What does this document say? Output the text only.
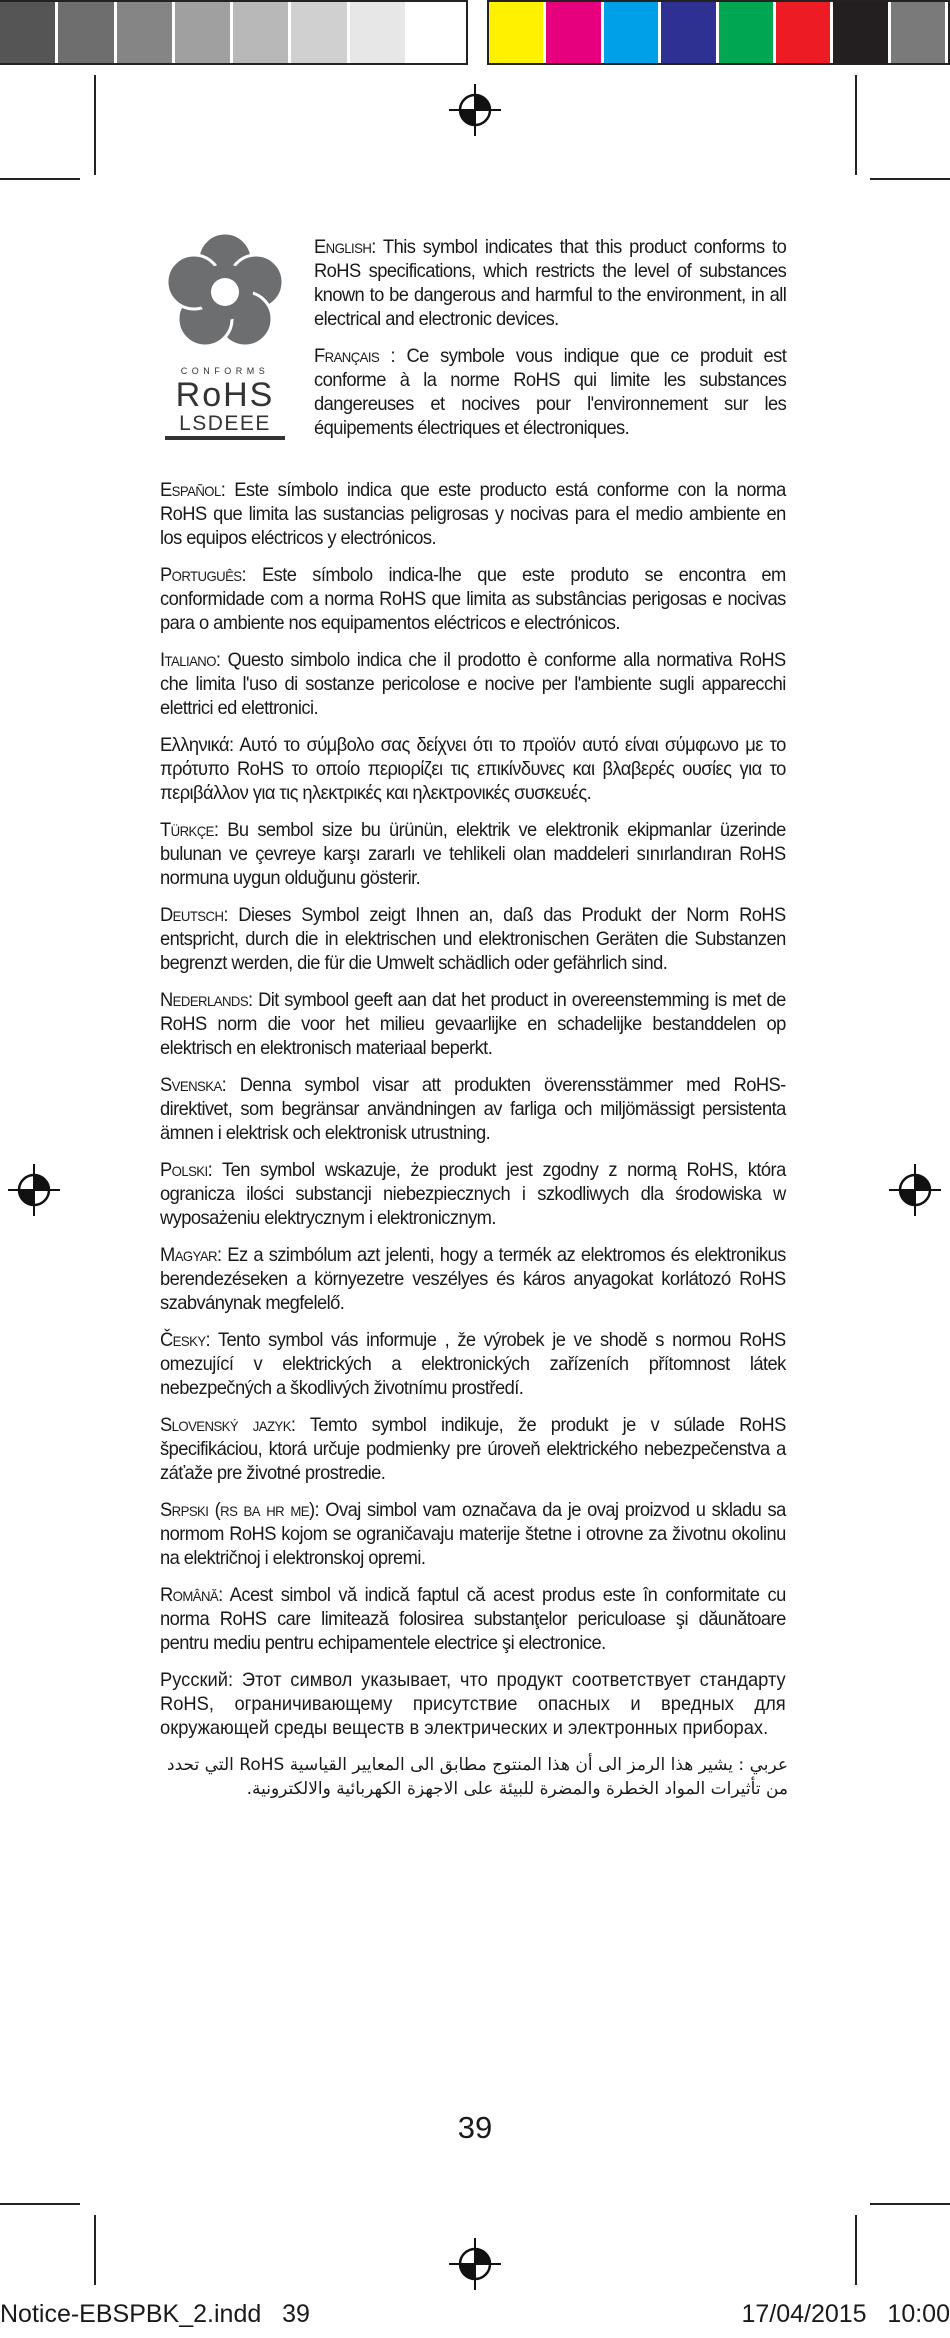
CONFORMS
RoHS
LSDEEE

English: This symbol indicates that this product conforms to RoHS specifications, which restricts the level of substances known to be dangerous and harmful to the environment, in all electrical and electronic devices.

Français : Ce symbole vous indique que ce produit est conforme à la norme RoHS qui limite les substances dangereuses et nocives pour l'environnement sur les équipements électriques et électroniques.

Español: Este símbolo indica que este producto está conforme con la norma RoHS que limita las sustancias peligrosas y nocivas para el medio ambiente en los equipos eléctricos y electrónicos.

Português: Este símbolo indica-lhe que este produto se encontra em conformidade com a norma RoHS que limita as substâncias perigosas e nocivas para o ambiente nos equipamentos eléctricos e electrónicos.

Italiano: Questo simbolo indica che il prodotto è conforme alla normativa RoHS che limita l'uso di sostanze pericolose e nocive per l'ambiente sugli apparecchi elettrici ed elettronici.

Ελληνικά: Αυτό το σύμβολο σας δείχνει ότι το προϊόν αυτό είναι σύμφωνο με το πρότυπο RoHS το οποίο περιορίζει τις επικίνδυνες και βλαβερές ουσίες για το περιβάλλον για τις ηλεκτρικές και ηλεκτρονικές συσκευές.

Türkçe: Bu sembol size bu ürünün, elektrik ve elektronik ekipmanlar üzerinde bulunan ve çevreye karşı zararlı ve tehlikeli olan maddeleri sınırlandıran RoHS normuna uygun olduğunu gösterir.

Deutsch: Dieses Symbol zeigt Ihnen an, daß das Produkt der Norm RoHS entspricht, durch die in elektrischen und elektronischen Geräten die Substanzen begrenzt werden, die für die Umwelt schädlich oder gefährlich sind.

Nederlands: Dit symbool geeft aan dat het product in overeenstemming is met de RoHS norm die voor het milieu gevaarlijke en schadelijke bestanddelen op elektrisch en elektronisch materiaal beperkt.

Svenska: Denna symbol visar att produkten överensstämmer med RoHS-direktivet, som begränsar användningen av farliga och miljömässigt persistenta ämnen i elektrisk och elektronisk utrustning.

Polski: Ten symbol wskazuje, że produkt jest zgodny z normą RoHS, która ogranicza ilości substancji niebezpiecznych i szkodliwych dla środowiska w wyposażeniu elektrycznym i elektronicznym.

Magyar: Ez a szimbólum azt jelenti, hogy a termék az elektromos és elektronikus berendezéseken a környezetre veszélyes és káros anyagokat korlátozó RoHS szabványnak megfelelő.

Česky: Tento symbol vás informuje , že výrobek je ve shodě s normou RoHS omezující v elektrických a elektronických zařízeních přítomnost látek nebezpečných a škodlivých životnímu prostředí.

Slovenský jazyk: Temto symbol indikuje, že produkt je v súlade RoHS špecifikáciou, ktorá určuje podmienky pre úroveň elektrického nebezpečenstva a záťaže pre životné prostredie.

Srpski (rs ba hr me): Ovaj simbol vam označava da je ovaj proizvod u skladu sa normom RoHS kojom se ograničavaju materije štetne i otrovne za životnu okolinu na električnoj i elektronskoj opremi.

Română: Acest simbol vă indică faptul că acest produs este în conformitate cu norma RoHS care limitează folosirea substanţelor periculoase şi dăunătoare pentru mediu pentru echipamentele electrice şi electronice.

Русский: Этот символ указывает, что продукт соответствует стандарту RoHS, ограничивающему присутствие опасных и вредных для окружающей среды веществ в электрических и электронных приборах.

عربي : يشير هذا الرمز الى أن هذا المنتوج مطابق الى المعايير القياسية RoHS التي تحدد من تأثيرات المواد الخطرة والمضرة للبيئة على الاجهزة الكهربائية والالكترونية.

39
Notice-EBSPBK_2.indd   39	17/04/2015   10:00
